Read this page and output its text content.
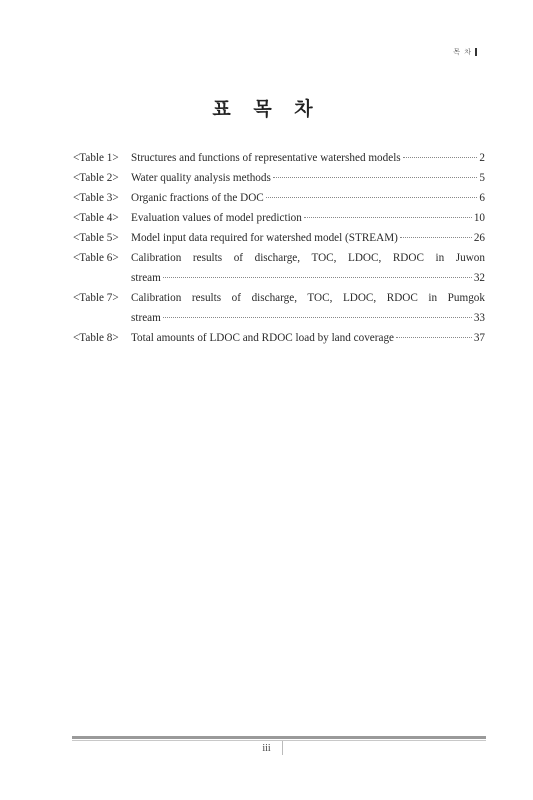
목 차
표 목 차
<Table 1>	Structures and functions of representative watershed models	2
<Table 2>	Water quality analysis methods	5
<Table 3>	Organic fractions of the DOC	6
<Table 4>	Evaluation values of model prediction	10
<Table 5>	Model input data required for watershed model (STREAM)	26
<Table 6>	Calibration results of discharge, TOC, LDOC, RDOC in Juwon
stream	32
<Table 7>	Calibration results of discharge, TOC, LDOC, RDOC in Pumgok
stream	33
<Table 8>	Total amounts of LDOC and RDOC load by land coverage	37
iii
